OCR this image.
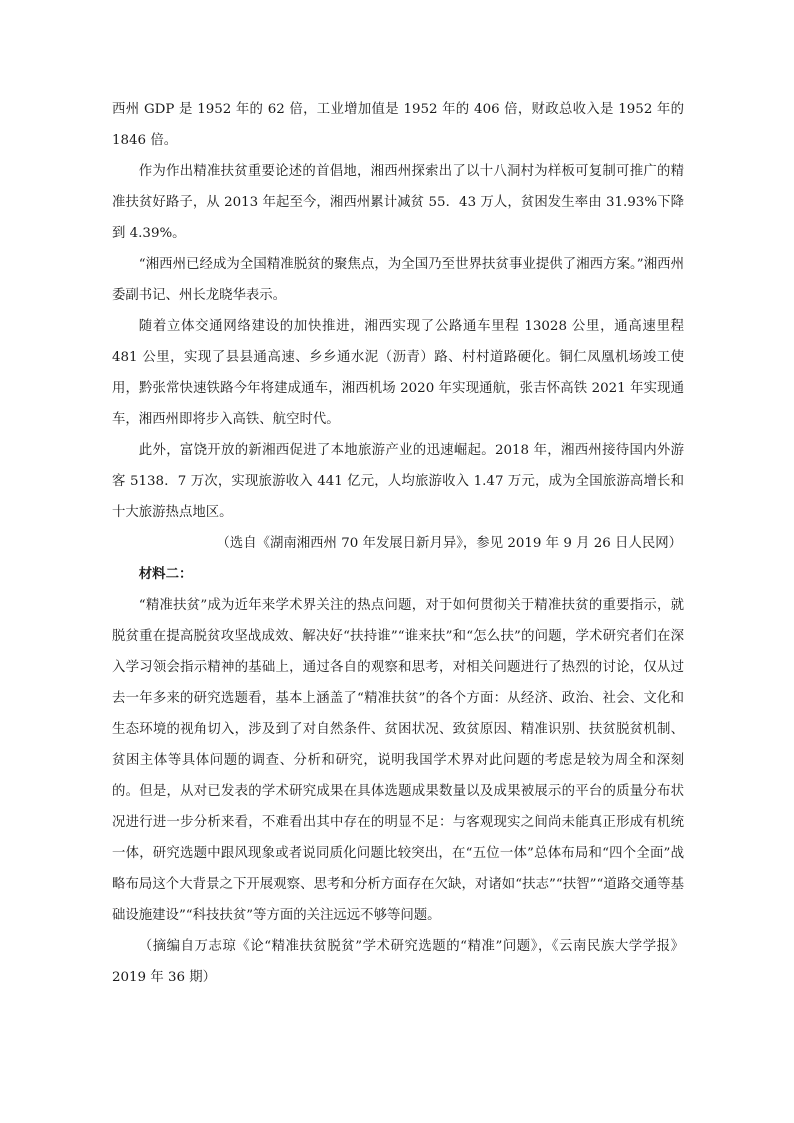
西州 GDP 是 1952 年的 62 倍，工业增加值是 1952 年的 406 倍，财政总收入是 1952 年的 1846 倍。

作为作出精准扶贫重要论述的首倡地，湘西州探索出了以十八洞村为样板可复制可推广的精准扶贫好路子，从 2013 年起至今，湘西州累计减贫 55．43 万人，贫困发生率由 31.93%下降到 4.39%。

“湘西州已经成为全国精准脱贫的聚焦点，为全国乃至世界扶贫事业提供了湘西方案。”湘西州委副书记、州长龙晓华表示。

随着立体交通网络建设的加快推进，湘西实现了公路通车里程 13028 公里，通高速里程 481 公里，实现了县县通高速、乡乡通水泥（沥青）路、村村道路硬化。铜仁凤凰机场竣工使用，黔张常快速铁路今年将建成通车，湘西机场 2020 年实现通航，张吉怀高铁 2021 年实现通车，湘西州即将步入高铁、航空时代。

此外，富饶开放的新湘西促进了本地旅游产业的迅速崛起。2018 年，湘西州接待国内外游客 5138．7 万次，实现旅游收入 441 亿元，人均旅游收入 1.47 万元，成为全国旅游高增长和十大旅游热点地区。

（选自《湖南湘西州 70 年发展日新月异》，参见 2019 年 9 月 26 日人民网）

材料二：

“精准扶贫”成为近年来学术界关注的热点问题，对于如何贯彻关于精准扶贫的重要指示，就脱贫重在提高脱贫攻坚战成效、解决好“扶持谁”“谁来扶”和“怎么扶”的问题，学术研究者们在深入学习领会指示精神的基础上，通过各自的观察和思考，对相关问题进行了热烈的讨论，仅从过去一年多来的研究选题看，基本上涵盖了“精准扶贫”的各个方面：从经济、政治、社会、文化和生态环境的视角切入，涉及到了对自然条件、贫困状况、致贫原因、精准识别、扶贫脱贫机制、贫困主体等具体问题的调查、分析和研究，说明我国学术界对此问题的考虑是较为周全和深刻的。但是，从对已发表的学术研究成果在具体选题成果数量以及成果被展示的平台的质量分布状况进行进一步分析来看，不难看出其中存在的明显不足：与客观现实之间尚未能真正形成有机统一体，研究选题中跟风现象或者说同质化问题比较突出，在“五位一体”总体布局和“四个全面”战略布局这个大背景之下开展观察、思考和分析方面存在欠缺，对诸如“扶志”“扶智”“道路交通等基础设施建设”“科技扶贫”等方面的关注远远不够等问题。

（摘编自万志琼《论“精准扶贫脱贫”学术研究选题的“精准”问题》，《云南民族大学学报》2019 年 36 期）
